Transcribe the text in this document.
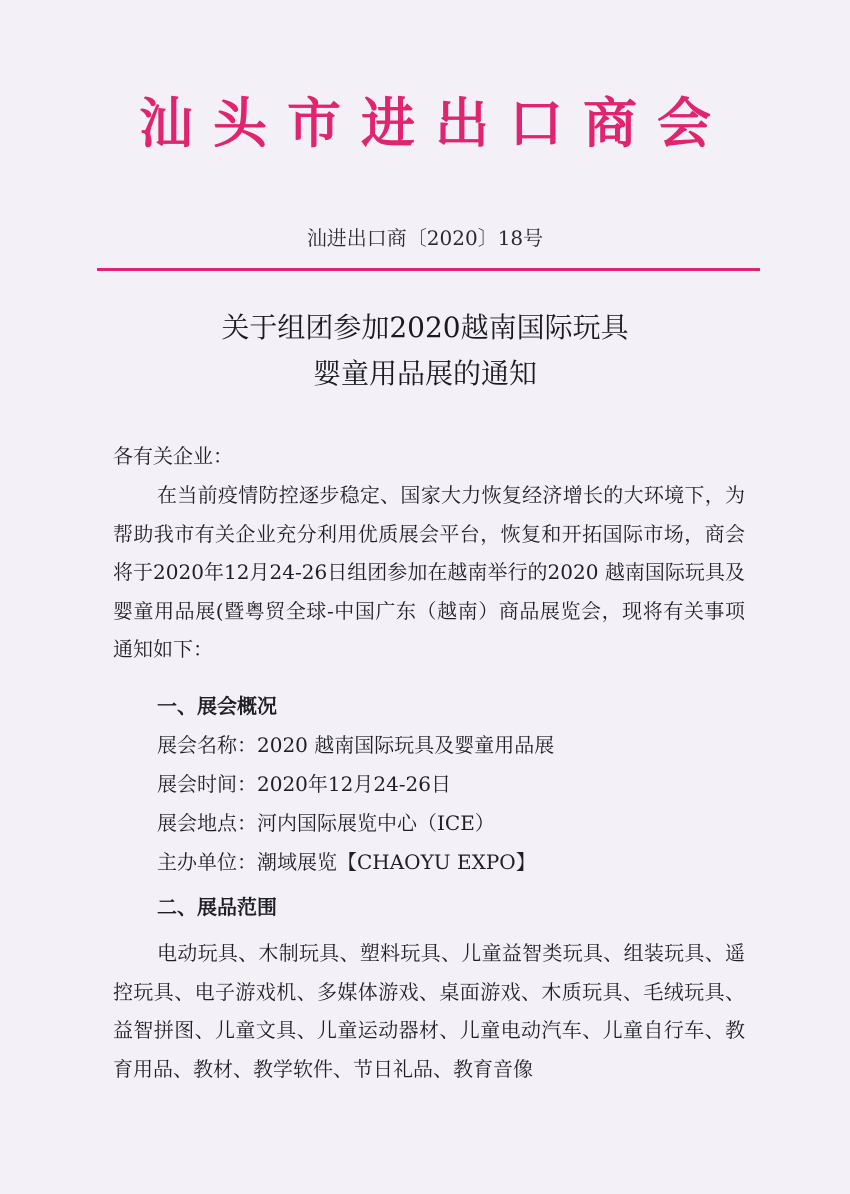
汕头市进出口商会
汕进出口商〔2020〕18号
关于组团参加2020越南国际玩具
婴童用品展的通知
各有关企业：
在当前疫情防控逐步稳定、国家大力恢复经济增长的大环境下，为帮助我市有关企业充分利用优质展会平台，恢复和开拓国际市场，商会将于2020年12月24-26日组团参加在越南举行的2020 越南国际玩具及婴童用品展(暨粤贸全球-中国广东（越南）商品展览会，现将有关事项通知如下：
一、展会概况
展会名称：2020 越南国际玩具及婴童用品展
展会时间：2020年12月24-26日
展会地点：河内国际展览中心（ICE）
主办单位：潮域展览【CHAOYU EXPO】
二、展品范围
电动玩具、木制玩具、塑料玩具、儿童益智类玩具、组装玩具、遥控玩具、电子游戏机、多媒体游戏、桌面游戏、木质玩具、毛绒玩具、益智拼图、儿童文具、儿童运动器材、儿童电动汽车、儿童自行车、教育用品、教材、教学软件、节日礼品、教育音像
